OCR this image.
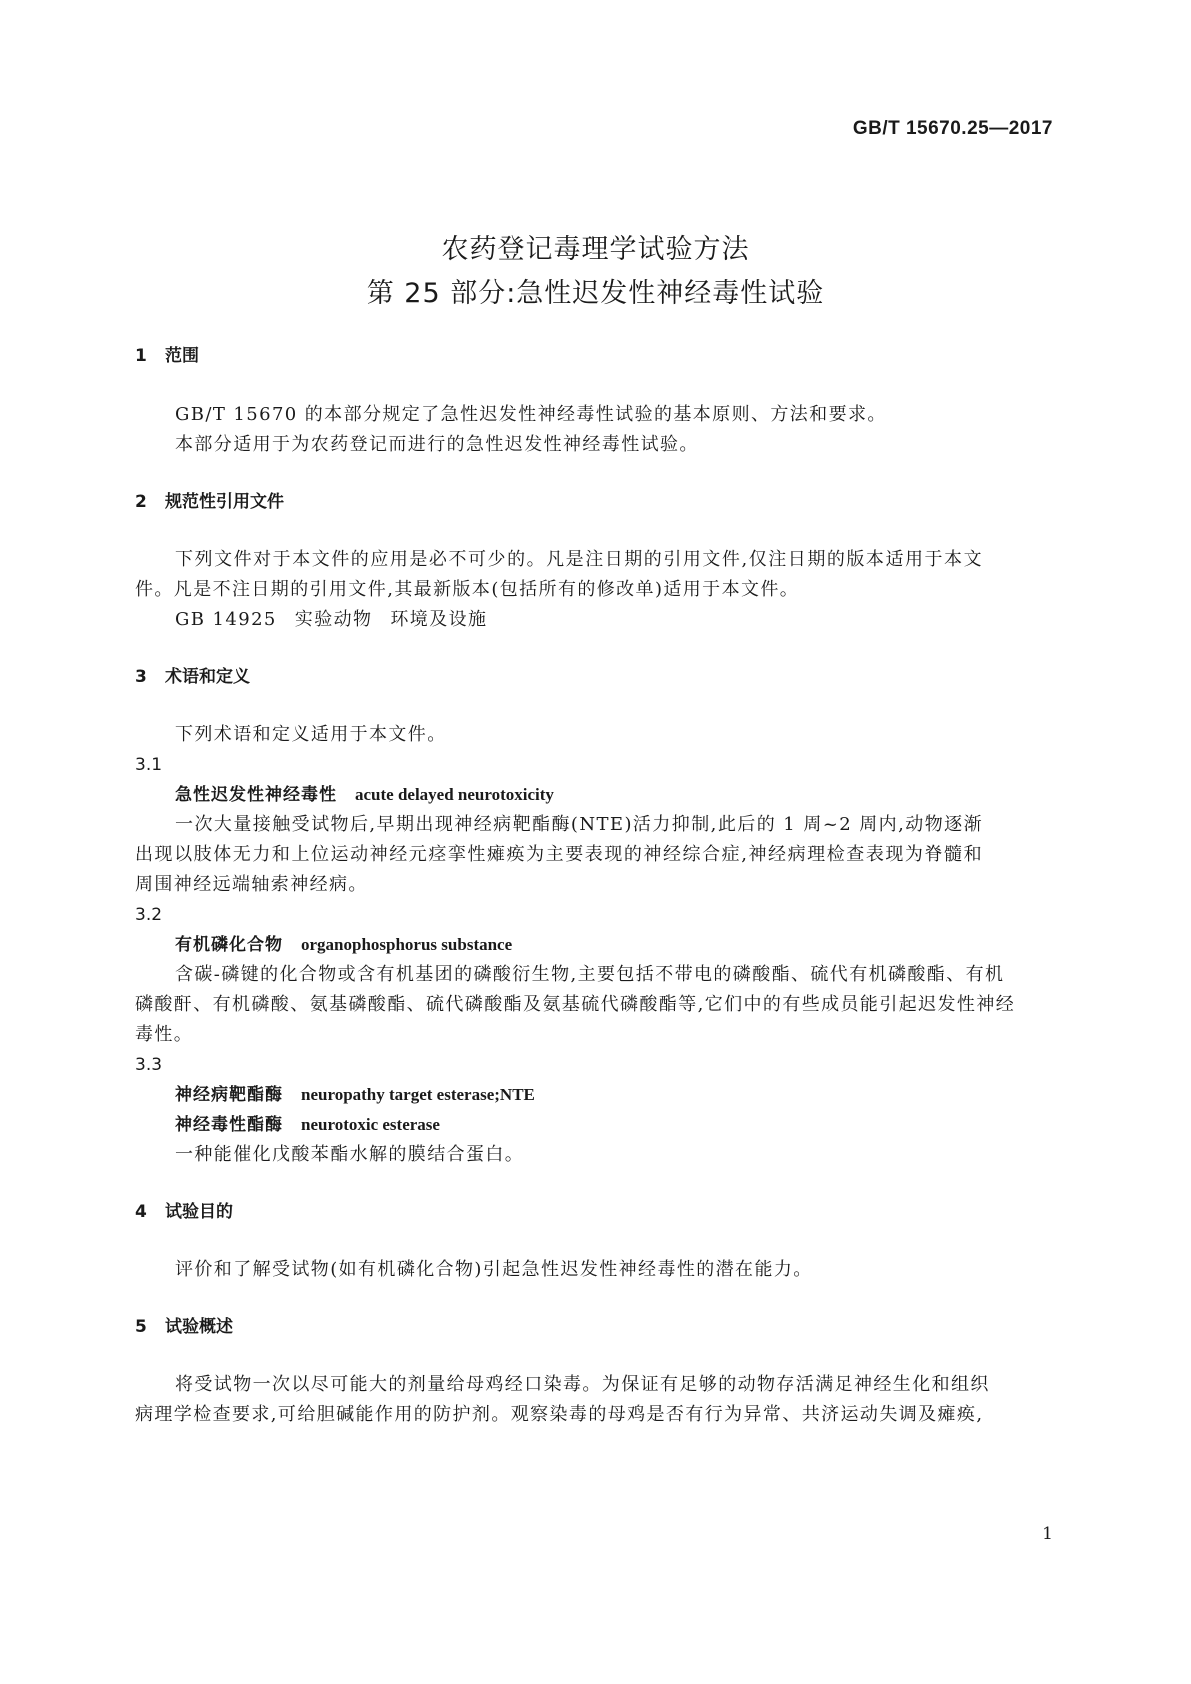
GB/T 15670.25—2017
农药登记毒理学试验方法
第 25 部分:急性迟发性神经毒性试验
1 范围
GB/T 15670 的本部分规定了急性迟发性神经毒性试验的基本原则、方法和要求。
本部分适用于为农药登记而进行的急性迟发性神经毒性试验。
2 规范性引用文件
下列文件对于本文件的应用是必不可少的。凡是注日期的引用文件,仅注日期的版本适用于本文
件。凡是不注日期的引用文件,其最新版本(包括所有的修改单)适用于本文件。
GB 14925 实验动物 环境及设施
3 术语和定义
下列术语和定义适用于本文件。
3.1
急性迟发性神经毒性 acute delayed neurotoxicity
一次大量接触受试物后,早期出现神经病靶酯酶(NTE)活力抑制,此后的 1 周~2 周内,动物逐渐
出现以肢体无力和上位运动神经元痉挛性瘫痪为主要表现的神经综合症,神经病理检查表现为脊髓和
周围神经远端轴索神经病。
3.2
有机磷化合物 organophosphorus substance
含碳-磷键的化合物或含有机基团的磷酸衍生物,主要包括不带电的磷酸酯、硫代有机磷酸酯、有机
磷酸酐、有机磷酸、氨基磷酸酯、硫代磷酸酯及氨基硫代磷酸酯等,它们中的有些成员能引起迟发性神经
毒性。
3.3
神经病靶酯酶 neuropathy target esterase;NTE
神经毒性酯酶 neurotoxic esterase
一种能催化戊酸苯酯水解的膜结合蛋白。
4 试验目的
评价和了解受试物(如有机磷化合物)引起急性迟发性神经毒性的潜在能力。
5 试验概述
将受试物一次以尽可能大的剂量给母鸡经口染毒。为保证有足够的动物存活满足神经生化和组织
病理学检查要求,可给胆碱能作用的防护剂。观察染毒的母鸡是否有行为异常、共济运动失调及瘫痪,
1
